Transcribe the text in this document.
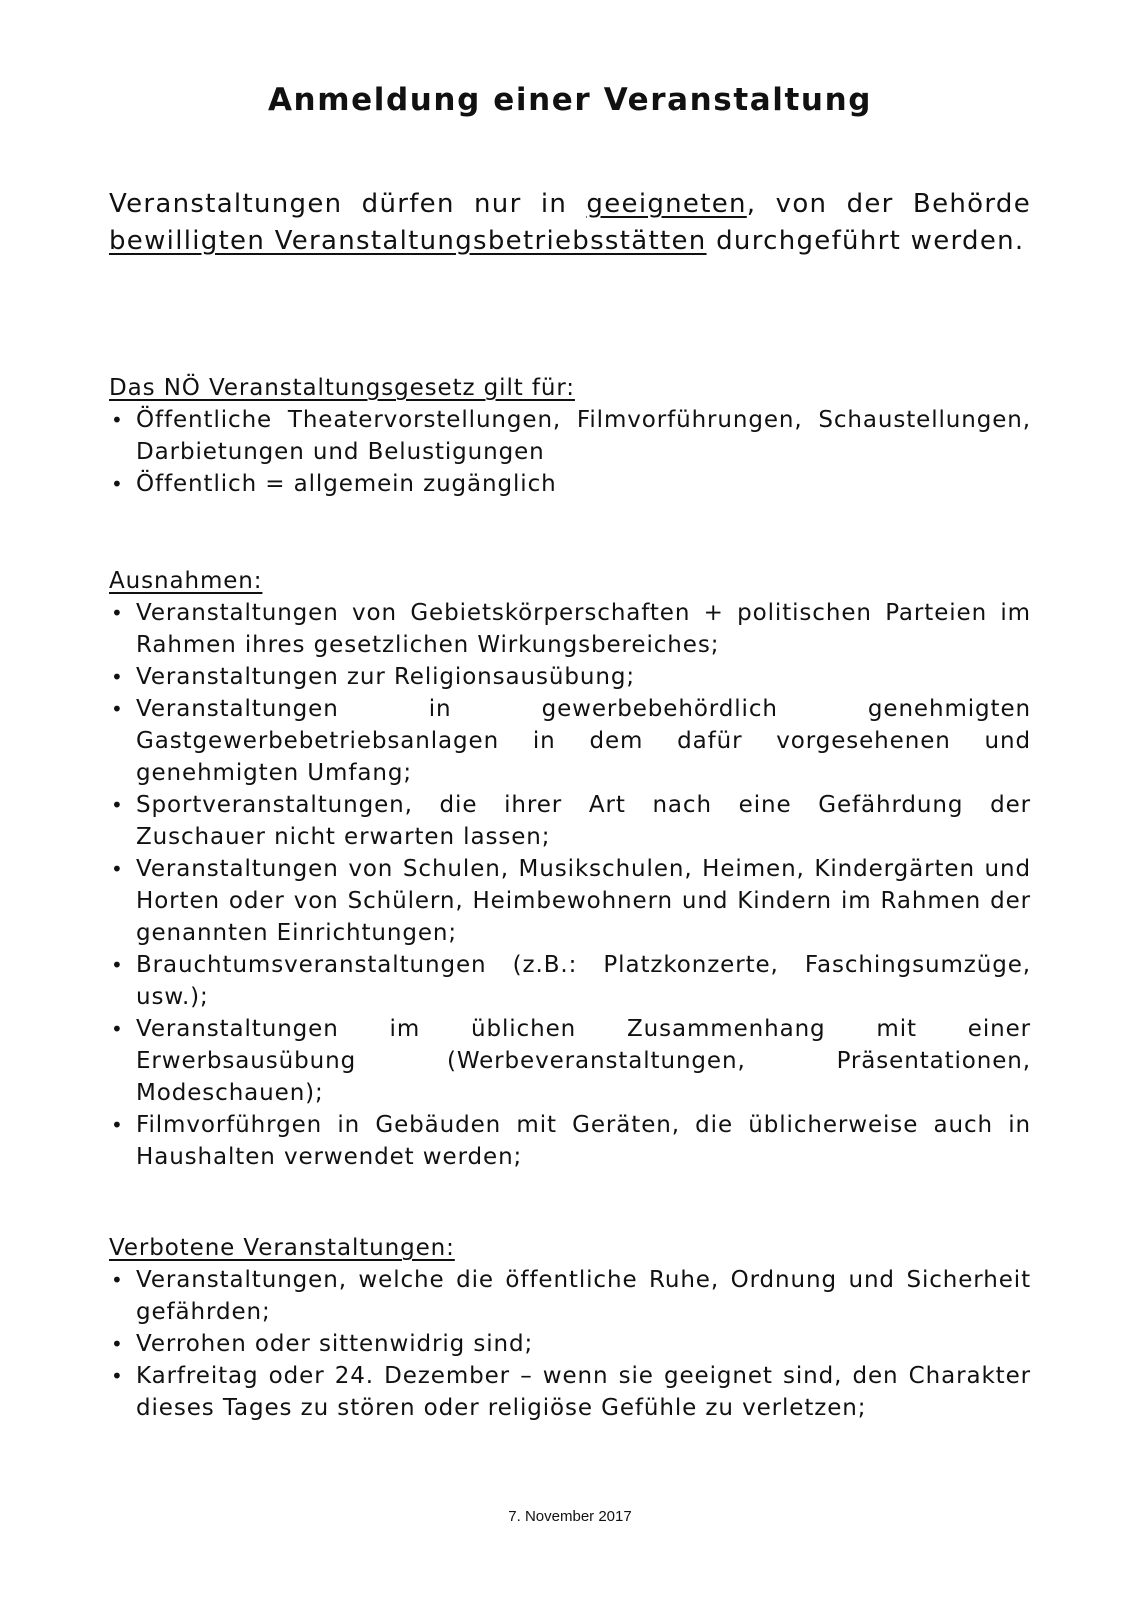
Anmeldung einer Veranstaltung

Veranstaltungen dürfen nur in geeigneten, von der Behörde bewilligten Veranstaltungsbetriebsstätten durchgeführt werden.

Das NÖ Veranstaltungsgesetz gilt für:

• Öffentliche Theatervorstellungen, Filmvorführungen, Schaustellungen, Darbietungen und Belustigungen
• Öffentlich = allgemein zugänglich

Ausnahmen:

• Veranstaltungen von Gebietskörperschaften + politischen Parteien im Rahmen ihres gesetzlichen Wirkungsbereiches;
• Veranstaltungen zur Religionsausübung;
• Veranstaltungen in gewerbebehördlich genehmigten Gastgewerbebetriebsanlagen in dem dafür vorgesehenen und genehmigten Umfang;
• Sportveranstaltungen, die ihrer Art nach eine Gefährdung der Zuschauer nicht erwarten lassen;
• Veranstaltungen von Schulen, Musikschulen, Heimen, Kindergärten und Horten oder von Schülern, Heimbewohnern und Kindern im Rahmen der genannten Einrichtungen;
• Brauchtumsveranstaltungen (z.B.: Platzkonzerte, Faschingsumzüge, usw.);
• Veranstaltungen im üblichen Zusammenhang mit einer Erwerbsausübung (Werbeveranstaltungen, Präsentationen, Modeschauen);
• Filmvorführgen in Gebäuden mit Geräten, die üblicherweise auch in Haushalten verwendet werden;

Verbotene Veranstaltungen:

• Veranstaltungen, welche die öffentliche Ruhe, Ordnung und Sicherheit gefährden;
• Verrohen oder sittenwidrig sind;
• Karfreitag oder 24. Dezember – wenn sie geeignet sind, den Charakter dieses Tages zu stören oder religiöse Gefühle zu verletzen;

7. November 2017
